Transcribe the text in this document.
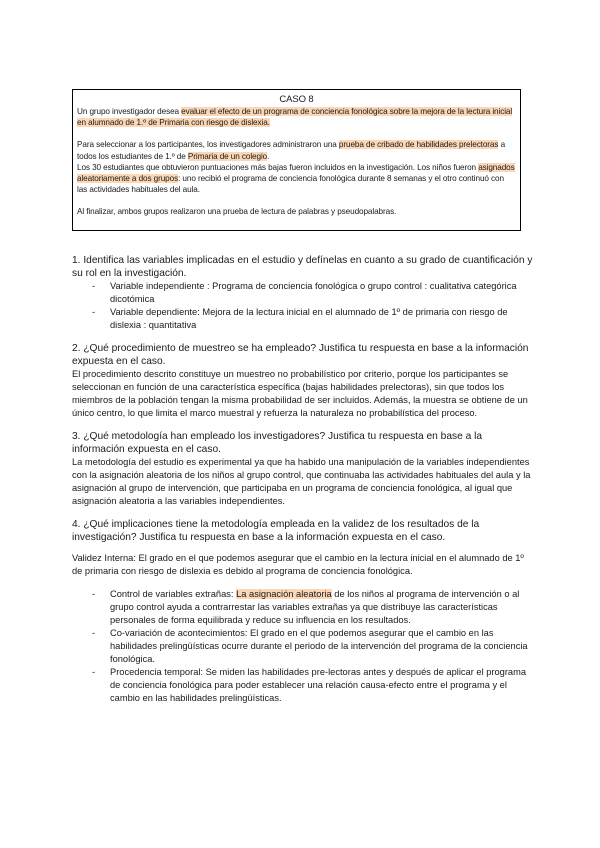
CASO 8

Un grupo investigador desea evaluar el efecto de un programa de conciencia fonológica sobre la mejora de la lectura inicial en alumnado de 1.º de Primaria con riesgo de dislexia.

Para seleccionar a los participantes, los investigadores administraron una prueba de cribado de habilidades prelectoras a todos los estudiantes de 1.º de Primaria de un colegio.

Los 30 estudiantes que obtuvieron puntuaciones más bajas fueron incluidos en la investigación. Los niños fueron asignados aleatoriamente a dos grupos: uno recibió el programa de conciencia fonológica durante 8 semanas y el otro continuó con las actividades habituales del aula.

Al finalizar, ambos grupos realizaron una prueba de lectura de palabras y pseudopalabras.

1. Identifica las variables implicadas en el estudio y defínelas en cuanto a su grado de cuantificación y su rol en la investigación.

- Variable independiente : Programa de conciencia fonológica o grupo control : cualitativa categórica dicotómica
- Variable dependiente: Mejora de la lectura inicial en el alumnado de 1º de primaria con riesgo de dislexia : quantitativa

2. ¿Qué procedimiento de muestreo se ha empleado? Justifica tu respuesta en base a la información expuesta en el caso.

El procedimiento descrito constituye un muestreo no probabilístico por criterio, porque los participantes se seleccionan en función de una característica específica (bajas habilidades prelectoras), sin que todos los miembros de la población tengan la misma probabilidad de ser incluidos. Además, la muestra se obtiene de un único centro, lo que limita el marco muestral y refuerza la naturaleza no probabilística del proceso.

3. ¿Qué metodología han empleado los investigadores? Justifica tu respuesta en base a la información expuesta en el caso.

La metodología del estudio es experimental ya que ha habido una manipulación de la variables independientes con la asignación aleatoria de los niños al grupo control, que continuaba las actividades habituales del aula y la asignación al grupo de intervención, que participaba en un programa de conciencia fonológica, al igual que asignación aleatoria a las variables independientes.

4. ¿Qué implicaciones tiene la metodología empleada en la validez de los resultados de la investigación? Justifica tu respuesta en base a la información expuesta en el caso.

Validez Interna: El grado en el que podemos asegurar que el cambio en la lectura inicial en el alumnado de 1º de primaria con riesgo de dislexia es debido al programa de conciencia fonológica.

- Control de variables extrañas: La asignación aleatoria de los niños al programa de intervención o al grupo control ayuda a contrarrestar las variables extrañas ya que distribuye las características personales de forma equilibrada y reduce su influencia en los resultados.
- Co-variación de acontecimientos: El grado en el que podemos asegurar que el cambio en las habilidades prelingüísticas ocurre durante el periodo de la intervención del programa de la conciencia fonológica.
- Procedencia temporal: Se miden las habilidades pre-lectoras antes y después de aplicar el programa de conciencia fonológica para poder establecer una relación causa-efecto entre el programa y el cambio en las habilidades prelingüísticas.
